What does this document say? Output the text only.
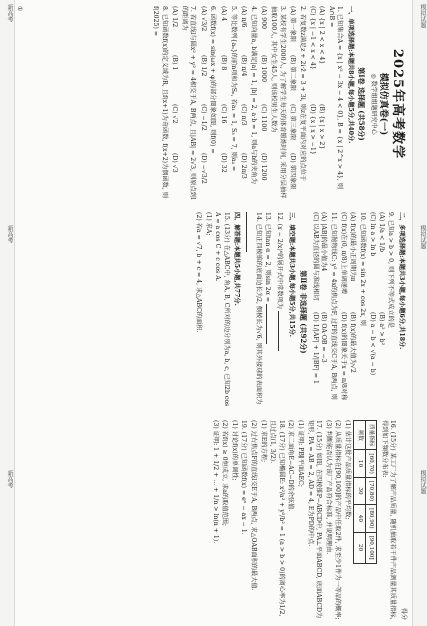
新高考
新高考
新高考
模拟试题
模拟试题
模拟试题
2025年高考数学
模拟仿真卷(一)
◎ 数学组组题研究中心
第Ⅰ卷 选择题 (共58分)
一、单项选择题:本题共8小题,每小题5分,共40分.
1. 已知集合A = {x | x² − 3x − 4 < 0}, B = {x | 2^x > 4}, 则A∩B =
(A) {x | 2 < x < 4}
(B) {x | x > 2}
(C) {x | −1 < x < 4}
(D) {x | x > −1}
2. 若复数z满足z + 2i·z̄ = 3 + 3i, 则z在复平面内对应的点位于
(A) 第一象限
(B) 第二象限
(C) 第三象限
(D) 第四象限
3. 某校有学生2000人, 为了解学生每天的体育锻炼时间, 采用分层抽样抽取100人, 其中女生45人, 则该校男生人数为
(A) 900
(B) 1000
(C) 1100
(D) 1200
4. 已知向量a, b满足|a| = 1, |b| = 2, a·b = 1, 则a与b的夹角为
(A) π/6
(B) π/4
(C) π/3
(D) 2π/3
5. 等比数列{aₙ}的前n项和为Sₙ, 若a₁ = 1, S₃ = 7, 则a₄ =
(A) 4
(B) 8
(C) 16
(D) 32
6. 函数f(x) = sin(ωx + φ)的部分图象如图, 则f(0) =
(A) √3/2
(B) 1/2
(C) −1/2
(D) −√3/2
7. 若直线l与圆x² + y² = 4相交于A, B两点, 且|AB| = 2√3, 则原点到l的距离为
(A) 1/2
(B) 1
(C) √2
(D) √3
8. 已知函数f(x)的定义域为R, 且f(x+1)为奇函数, f(x+2)为偶函数, 则f(2025) =
二、多项选择题:本题共3小题,每小题6分,共18分.
9. 已知a > b > 0, 则下列不等式成立的是
(A) 1/a < 1/b
(B) a² > b²
(C) ln a > ln b
(D) a − b < √(a − b)
10. 已知函数f(x) = sin 2x + cos 2x, 则
(A) f(x)的最小正周期为π
(B) f(x)的最大值为√2
(C) f(x)在(0, π/8)上单调递增
(D) f(x)的图象关于x = π/8对称
11. 已知抛物线C: y² = 4x的焦点为F, 过F的直线交C于A, B两点, 则
(A) |AB|的最小值为4
(B) OA·OB = −3
(C) 以AB为直径的圆与准线相切
(D) 1/|AF| + 1/|BF| = 1
第Ⅱ卷 非选择题 (共92分)
三、填空题:本题共3小题,每小题5分,共15分.
12. (x − 2/x)⁶的展开式中常数项为
13. 已知tan α = 2, 则sin 2α =
14. 已知正四棱锥的底面边长为2, 侧棱长为√6, 则其外接球的表面积为
四、解答题:本题共5小题,共77分.
15. (13分) 在△ABC中, 角A, B, C所对的边分别为a, b, c, 已知2b cos A = a cos C + c cos A.
(1) 求A;
(2) 若a = √7, b + c = 4, 求△ABC的面积.
得分
16. (15分) 某工厂为了解产品质量, 随机抽取若干件产品测量其质量指标, 得到如下频数分布表:
质量指标	[60,70)	[70,80)	[80,90)	[90,100]
频数	10	30	40	20
(1) 估计这批产品质量指标的平均数;
(2) 从质量指标在[90,100]的产品中任取2件, 求至少1件为一等品的概率;
(3) 判断能否认为该厂产品符合标准, 并说明理由.
17. (15分) 如图, 在四棱锥P−ABCD中, PA⊥平面ABCD, 底面ABCD为矩形, PA = AB = 2, AD = 4, E为PD的中点.
(1) 证明: PB∥平面AEC;
(2) 求二面角E−AC−D的余弦值.
18. (17分) 已知椭圆E: x²/a² + y²/b² = 1 (a > b > 0)的离心率为1/2, 且过点(1, 3/2).
(1) 求E的方程;
(2) 过右焦点F的直线l交E于A, B两点, 求△OAB面积的最大值.
19. (17分) 已知函数f(x) = eˣ − ax − 1.
(1) 讨论f(x)的单调性;
(2) 若f(x) ≥ 0恒成立, 求a的取值范围;
(3) 证明: 1 + 1/2 + ... + 1/n > ln(n + 1).
①
